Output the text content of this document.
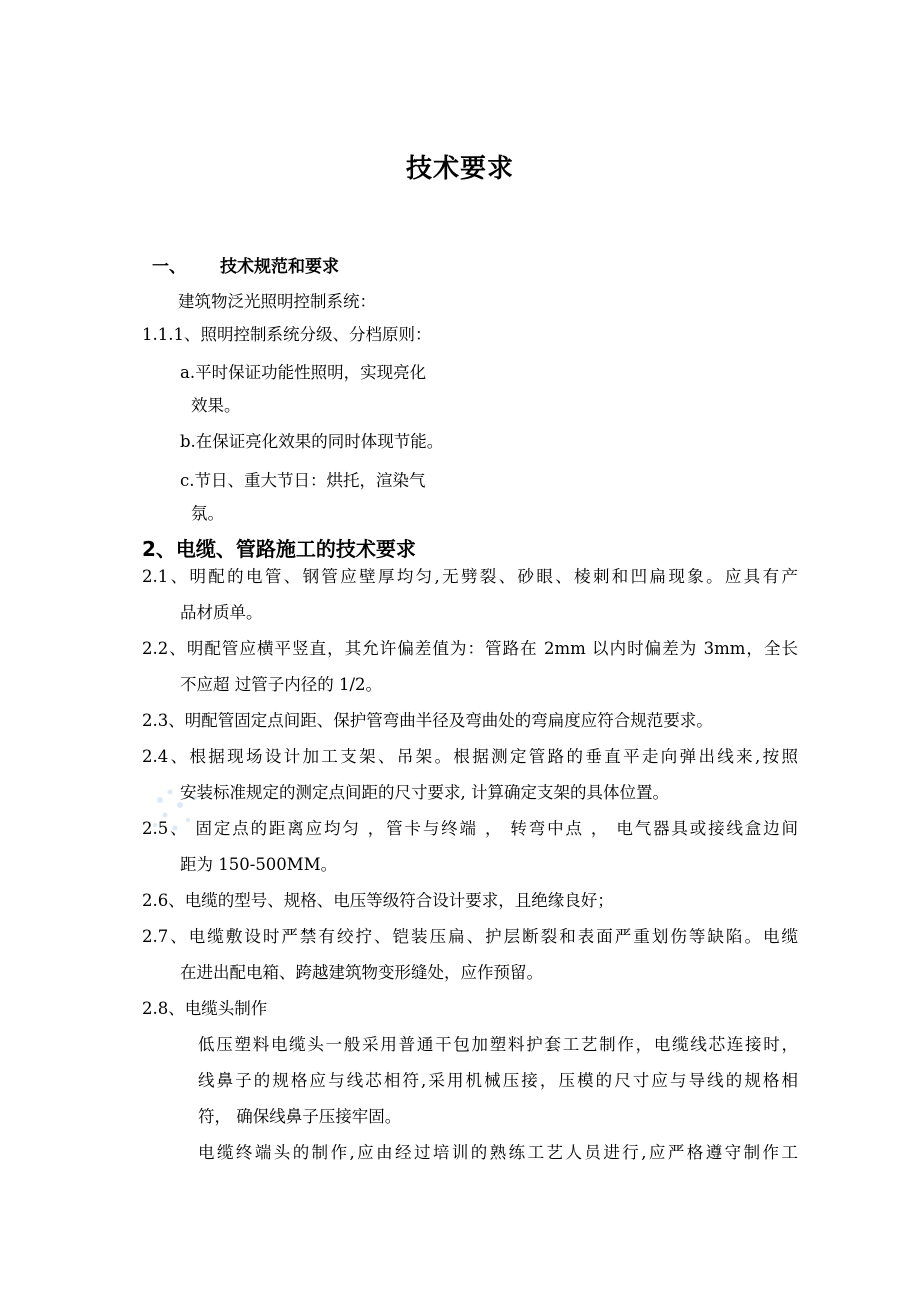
技术要求
一、 技术规范和要求
建筑物泛光照明控制系统：
1.1.1、照明控制系统分级、分档原则：
a.平时保证功能性照明，实现亮化
效果。
b.在保证亮化效果的同时体现节能。
c.节日、重大节日：烘托，渲染气
氛。
2、电缆、管路施工的技术要求
2.1、明配的电管、钢管应壁厚均匀,无劈裂、砂眼、棱刺和凹扁现象。应具有产
品材质单。
2.2、明配管应横平竖直，其允许偏差值为：管路在 2mm 以内时偏差为 3mm，全长
不应超 过管子内径的 1/2。
2.3、明配管固定点间距、保护管弯曲半径及弯曲处的弯扁度应符合规范要求。
2.4、根据现场设计加工支架、吊架。根据测定管路的垂直平走向弹出线来,按照
安装标准规定的测定点间距的尺寸要求, 计算确定支架的具体位置。
2.5、 固定点的距离应均匀 ，管卡与终端 ， 转弯中点 ， 电气器具或接线盒边间
距为 150-500MM。
2.6、电缆的型号、规格、电压等级符合设计要求，且绝缘良好；
2.7、电缆敷设时严禁有绞拧、铠装压扁、护层断裂和表面严重划伤等缺陷。电缆
在进出配电箱、跨越建筑物变形缝处，应作预留。
2.8、电缆头制作
低压塑料电缆头一般采用普通干包加塑料护套工艺制作，电缆线芯连接时，
线鼻子的规格应与线芯相符,采用机械压接，压模的尺寸应与导线的规格相
符， 确保线鼻子压接牢固。
电缆终端头的制作,应由经过培训的熟练工艺人员进行,应严格遵守制作工
